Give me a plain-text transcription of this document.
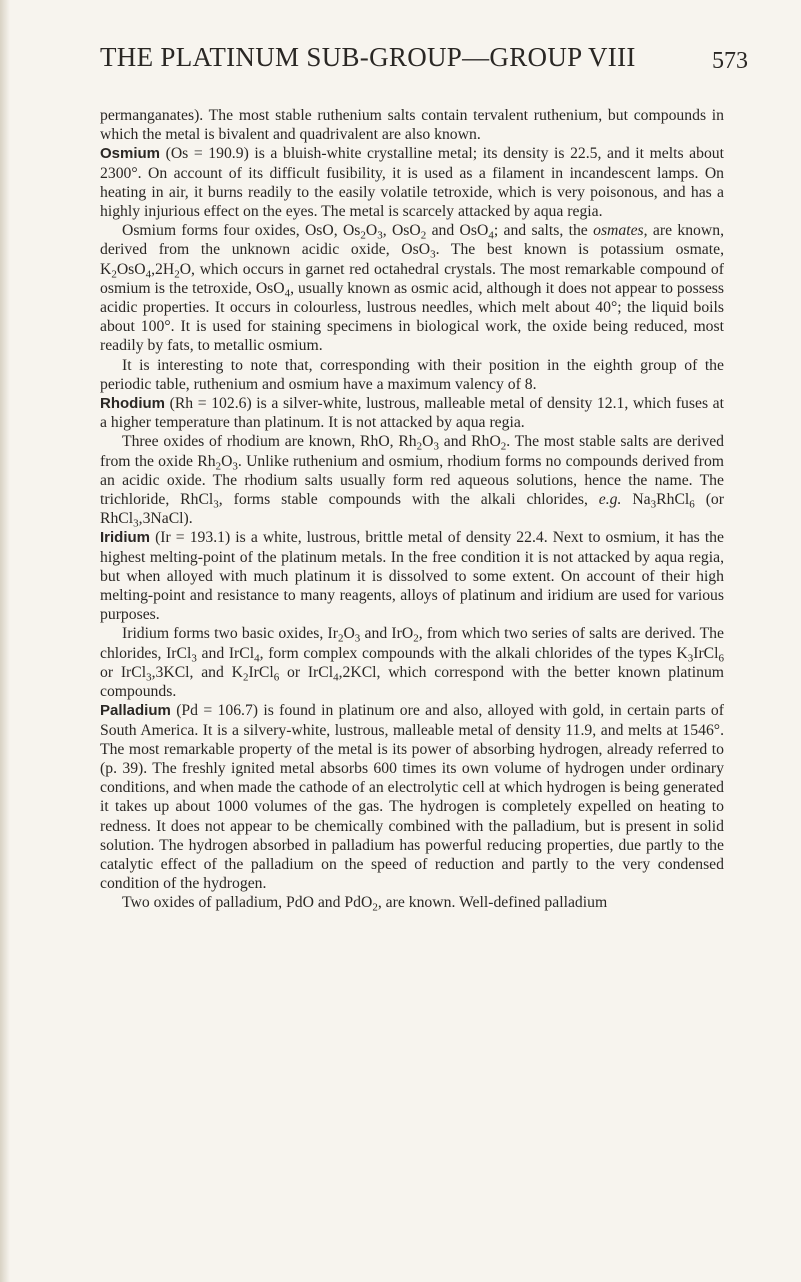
THE PLATINUM SUB-GROUP—GROUP VIII	573

permanganates). The most stable ruthenium salts contain tervalent ruthenium, but compounds in which the metal is bivalent and quadrivalent are also known.

Osmium (Os = 190.9) is a bluish-white crystalline metal; its density is 22.5, and it melts about 2300°. On account of its difficult fusibility, it is used as a filament in incandescent lamps. On heating in air, it burns readily to the easily volatile tetroxide, which is very poisonous, and has a highly injurious effect on the eyes. The metal is scarcely attacked by aqua regia.

Osmium forms four oxides, OsO, $Os_2O_3$, OsO$_2$ and OsO$_4$; and salts, the osmates, are known, derived from the unknown acidic oxide, OsO$_3$. The best known is potassium osmate, $K_2OsO_4,2H_2O$, which occurs in garnet red octahedral crystals. The most remarkable compound of osmium is the tetroxide, OsO$_4$, usually known as osmic acid, although it does not appear to possess acidic properties. It occurs in colourless, lustrous needles, which melt about 40°; the liquid boils about 100°. It is used for staining specimens in biological work, the oxide being reduced, most readily by fats, to metallic osmium.

It is interesting to note that, corresponding with their position in the eighth group of the periodic table, ruthenium and osmium have a maximum valency of 8.

Rhodium (Rh = 102.6) is a silver-white, lustrous, malleable metal of density 12.1, which fuses at a higher temperature than platinum. It is not attacked by aqua regia.

Three oxides of rhodium are known, RhO, $Rh_2O_3$ and RhO$_2$. The most stable salts are derived from the oxide $Rh_2O_3$. Unlike ruthenium and osmium, rhodium forms no compounds derived from an acidic oxide. The rhodium salts usually form red aqueous solutions, hence the name. The trichloride, RhCl$_3$, forms stable compounds with the alkali chlorides, e.g. $Na_3RhCl_6$ (or RhCl$_3$,3NaCl).

Iridium (Ir = 193.1) is a white, lustrous, brittle metal of density 22.4. Next to osmium, it has the highest melting-point of the platinum metals. In the free condition it is not attacked by aqua regia, but when alloyed with much platinum it is dissolved to some extent. On account of their high melting-point and resistance to many reagents, alloys of platinum and iridium are used for various purposes.

Iridium forms two basic oxides, $Ir_2O_3$ and IrO$_2$, from which two series of salts are derived. The chlorides, IrCl$_3$ and IrCl$_4$, form complex compounds with the alkali chlorides of the types $K_3IrCl_6$ or IrCl$_3$,3KCl, and $K_2IrCl_6$ or IrCl$_4$,2KCl, which correspond with the better known platinum compounds.

Palladium (Pd = 106.7) is found in platinum ore and also, alloyed with gold, in certain parts of South America. It is a silvery-white, lustrous, malleable metal of density 11.9, and melts at 1546°. The most remarkable property of the metal is its power of absorbing hydrogen, already referred to (p. 39). The freshly ignited metal absorbs 600 times its own volume of hydrogen under ordinary conditions, and when made the cathode of an electrolytic cell at which hydrogen is being generated it takes up about 1000 volumes of the gas. The hydrogen is completely expelled on heating to redness. It does not appear to be chemically combined with the palladium, but is present in solid solution. The hydrogen absorbed in palladium has powerful reducing properties, due partly to the catalytic effect of the palladium on the speed of reduction and partly to the very condensed condition of the hydrogen.

Two oxides of palladium, PdO and PdO$_2$, are known. Well-defined palladium
